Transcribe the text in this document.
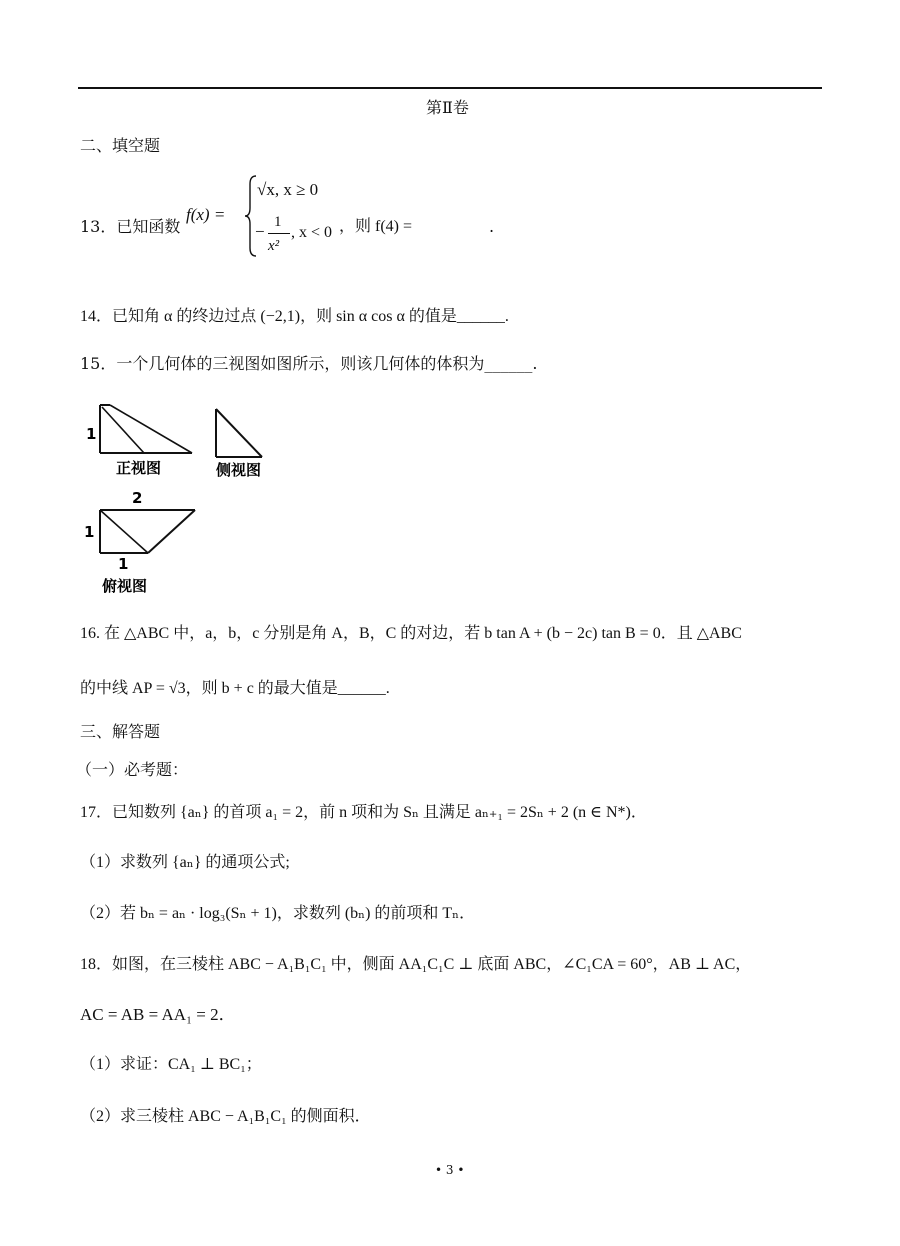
第Ⅱ卷
二、填空题
13．已知函数
f(x) =
√x, x ≥ 0
− 1
x²
, x < 0 ，则 f(4) =	.
14．已知角 α 的终边过点 (−2,1)，则 sin α cos α 的值是______.
15．一个几何体的三视图如图所示，则该几何体的体积为______.
1
正视图	侧视图
2
1
1
俯视图
16. 在 △ABC 中，a，b，c 分别是角 A，B，C 的对边，若 b tan A + (b − 2c) tan B = 0．且 △ABC
的中线 AP = √3，则 b + c 的最大值是______.
三、解答题
（一）必考题：
17．已知数列 {aₙ} 的首项 a₁ = 2，前 n 项和为 Sₙ 且满足 aₙ₊₁ = 2Sₙ + 2 (n ∈ N*)．
（1）求数列 {aₙ} 的通项公式;
（2）若 bₙ = aₙ · log₃(Sₙ + 1)，求数列 (bₙ) 的前项和 Tₙ．
18．如图，在三棱柱 ABC − A₁B₁C₁ 中，侧面 AA₁C₁C ⊥ 底面 ABC，∠C₁CA = 60°，AB ⊥ AC，
AC = AB = AA₁ = 2．
（1）求证：CA₁ ⊥ BC₁；
（2）求三棱柱 ABC − A₁B₁C₁ 的侧面积．
• 3 •
